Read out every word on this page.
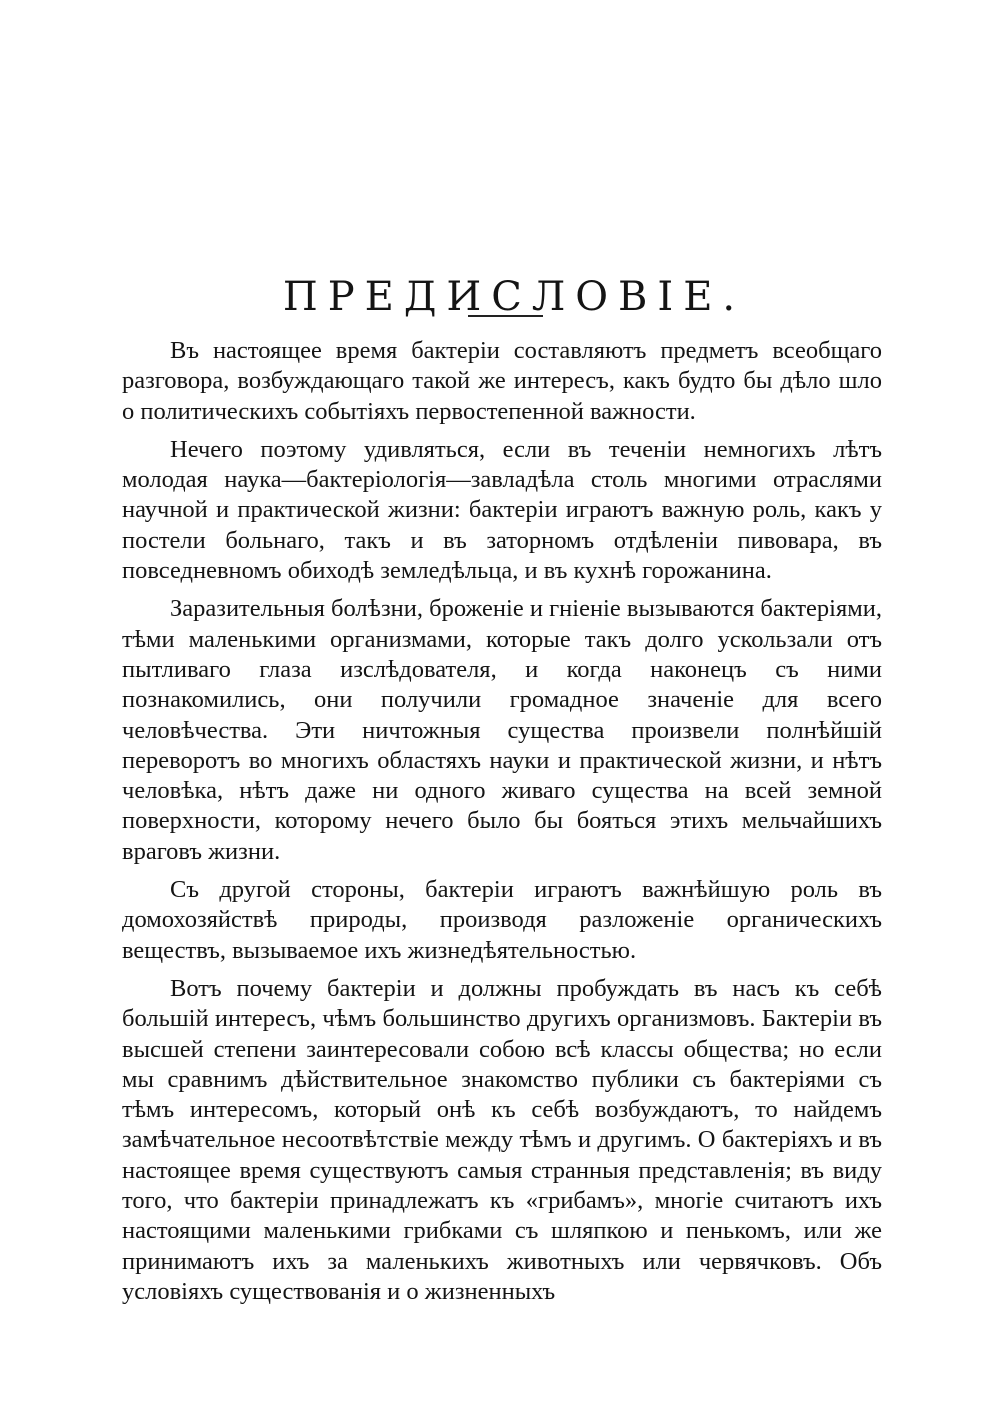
ПРЕДИСЛОВІЕ.

Въ настоящее время бактеріи составляютъ предметъ всеобщаго разговора, возбуждающаго такой же интересъ, какъ будто бы дѣло шло о политическихъ событіяхъ первостепенной важности.

Нечего поэтому удивляться, если въ теченіи немногихъ лѣтъ молодая наука—бактеріологія—завладѣла столь многими отраслями научной и практической жизни: бактеріи играютъ важную роль, какъ у постели больнаго, такъ и въ заторномъ отдѣленіи пивовара, въ повседневномъ обиходѣ земледѣльца, и въ кухнѣ горожанина.

Заразительныя болѣзни, броженіе и гніеніе вызываются бактеріями, тѣми маленькими организмами, которые такъ долго ускользали отъ пытливаго глаза изслѣдователя, и когда наконецъ съ ними познакомились, они получили громадное значеніе для всего человѣчества. Эти ничтожныя существа произвели полнѣйшій переворотъ во многихъ областяхъ науки и практической жизни, и нѣтъ человѣка, нѣтъ даже ни одного живаго существа на всей земной поверхности, которому нечего было бы бояться этихъ мельчайшихъ враговъ жизни.

Съ другой стороны, бактеріи играютъ важнѣйшую роль въ домохозяйствѣ природы, производя разложеніе органическихъ веществъ, вызываемое ихъ жизнедѣятельностью.

Вотъ почему бактеріи и должны пробуждать въ насъ къ себѣ большій интересъ, чѣмъ большинство другихъ организмовъ. Бактеріи въ высшей степени заинтересовали собою всѣ классы общества; но если мы сравнимъ дѣйствительное знакомство публики съ бактеріями съ тѣмъ интересомъ, который онѣ къ себѣ возбуждаютъ, то найдемъ замѣчательное несоотвѣтствіе между тѣмъ и другимъ. О бактеріяхъ и въ настоящее время существуютъ самыя странныя представленія; въ виду того, что бактеріи принадлежатъ къ «грибамъ», многіе считаютъ ихъ настоящими маленькими грибками съ шляпкою и пенькомъ, или же принимаютъ ихъ за маленькихъ животныхъ или червячковъ. Объ условіяхъ существованія и о жизненныхъ
